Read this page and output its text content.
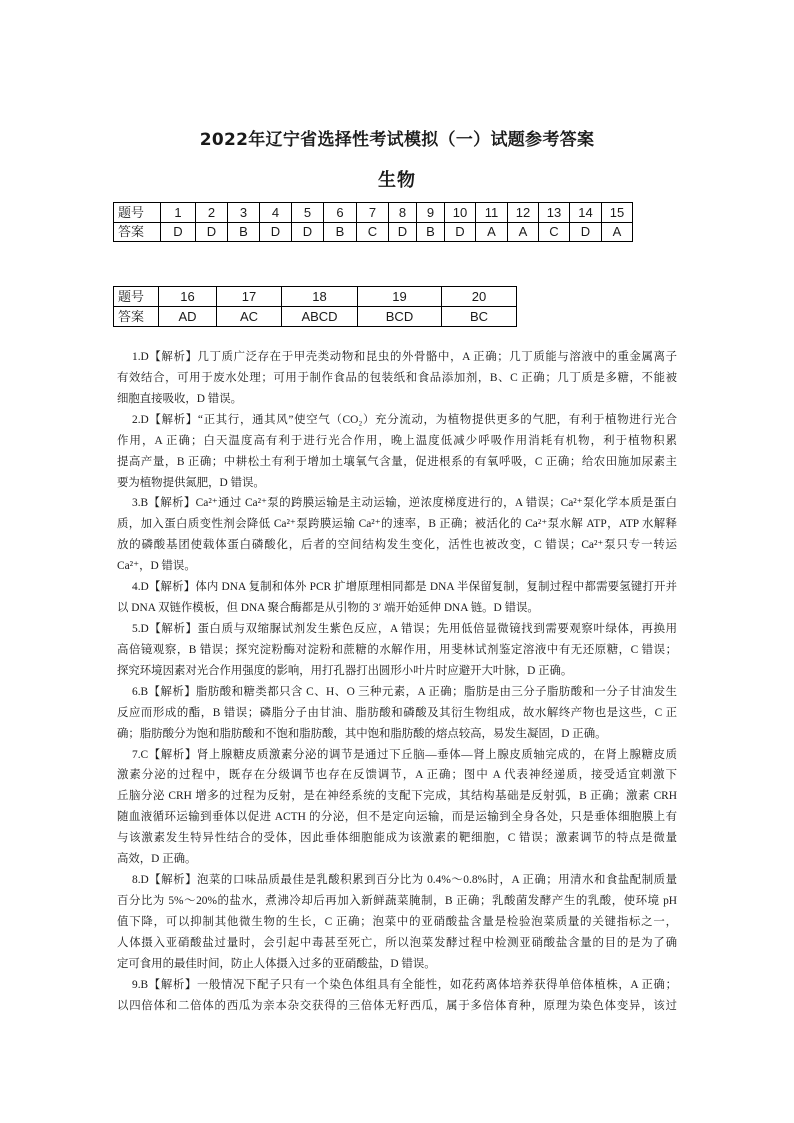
2022年辽宁省选择性考试模拟（一）试题参考答案
生物
题号	1	2	3	4	5	6	7	8	9	10	11	12	13	14	15
答案	D	D	B	D	D	B	C	D	B	D	A	A	C	D	A
题号	16	17	18	19	20
答案	AD	AC	ABCD	BCD	BC
1.D【解析】几丁质广泛存在于甲壳类动物和昆虫的外骨骼中，A 正确；几丁质能与溶液中的重金属离子
有效结合，可用于废水处理；可用于制作食品的包装纸和食品添加剂，B、C 正确；几丁质是多糖，不能被
细胞直接吸收，D 错误。
2.D【解析】“正其行，通其风”使空气（CO₂）充分流动，为植物提供更多的气肥，有利于植物进行光合
作用，A 正确；白天温度高有利于进行光合作用，晚上温度低减少呼吸作用消耗有机物，利于植物积累
提高产量，B 正确；中耕松土有利于增加土壤氧气含量，促进根系的有氧呼吸，C 正确；给农田施加尿素主
要为植物提供氮肥，D 错误。
3.B【解析】Ca²⁺通过 Ca²⁺泵的跨膜运输是主动运输，逆浓度梯度进行的，A 错误；Ca²⁺泵化学本质是蛋白
质，加入蛋白质变性剂会降低 Ca²⁺泵跨膜运输 Ca²⁺的速率，B 正确；被活化的 Ca²⁺泵水解 ATP，ATP 水解释
放的磷酸基团使载体蛋白磷酸化，后者的空间结构发生变化，活性也被改变，C 错误；Ca²⁺泵只专一转运
Ca²⁺，D 错误。
4.D【解析】体内 DNA 复制和体外 PCR 扩增原理相同都是 DNA 半保留复制，复制过程中都需要氢键打开并
以 DNA 双链作模板，但 DNA 聚合酶都是从引物的 3′ 端开始延伸 DNA 链。D 错误。
5.D【解析】蛋白质与双缩脲试剂发生紫色反应，A 错误；先用低倍显微镜找到需要观察叶绿体，再换用
高倍镜观察，B 错误；探究淀粉酶对淀粉和蔗糖的水解作用，用斐林试剂鉴定溶液中有无还原糖，C 错误；
探究环境因素对光合作用强度的影响，用打孔器打出圆形小叶片时应避开大叶脉，D 正确。
6.B【解析】脂肪酸和糖类都只含 C、H、O 三种元素，A 正确；脂肪是由三分子脂肪酸和一分子甘油发生
反应而形成的酯，B 错误；磷脂分子由甘油、脂肪酸和磷酸及其衍生物组成，故水解终产物也是这些，C 正
确；脂肪酸分为饱和脂肪酸和不饱和脂肪酸，其中饱和脂肪酸的熔点较高，易发生凝固，D 正确。
7.C【解析】肾上腺糖皮质激素分泌的调节是通过下丘脑—垂体—肾上腺皮质轴完成的，在肾上腺糖皮质
激素分泌的过程中，既存在分级调节也存在反馈调节，A 正确；图中 A 代表神经递质，接受适宜刺激下
丘脑分泌 CRH 增多的过程为反射，是在神经系统的支配下完成，其结构基础是反射弧，B 正确；激素 CRH
随血液循环运输到垂体以促进 ACTH 的分泌，但不是定向运输，而是运输到全身各处，只是垂体细胞膜上有
与该激素发生特异性结合的受体，因此垂体细胞能成为该激素的靶细胞，C 错误；激素调节的特点是微量
高效，D 正确。
8.D【解析】泡菜的口味品质最佳是乳酸积累到百分比为 0.4%～0.8%时，A 正确；用清水和食盐配制质量
百分比为 5%～20%的盐水，煮沸冷却后再加入新鲜蔬菜腌制，B 正确；乳酸菌发酵产生的乳酸，使环境 pH
值下降，可以抑制其他微生物的生长，C 正确；泡菜中的亚硝酸盐含量是检验泡菜质量的关键指标之一，
人体摄入亚硝酸盐过量时，会引起中毒甚至死亡，所以泡菜发酵过程中检测亚硝酸盐含量的目的是为了确
定可食用的最佳时间，防止人体摄入过多的亚硝酸盐，D 错误。
9.B【解析】一般情况下配子只有一个染色体组具有全能性，如花药离体培养获得单倍体植株，A 正确；
以四倍体和二倍体的西瓜为亲本杂交获得的三倍体无籽西瓜，属于多倍体育种，原理为染色体变异，该过
